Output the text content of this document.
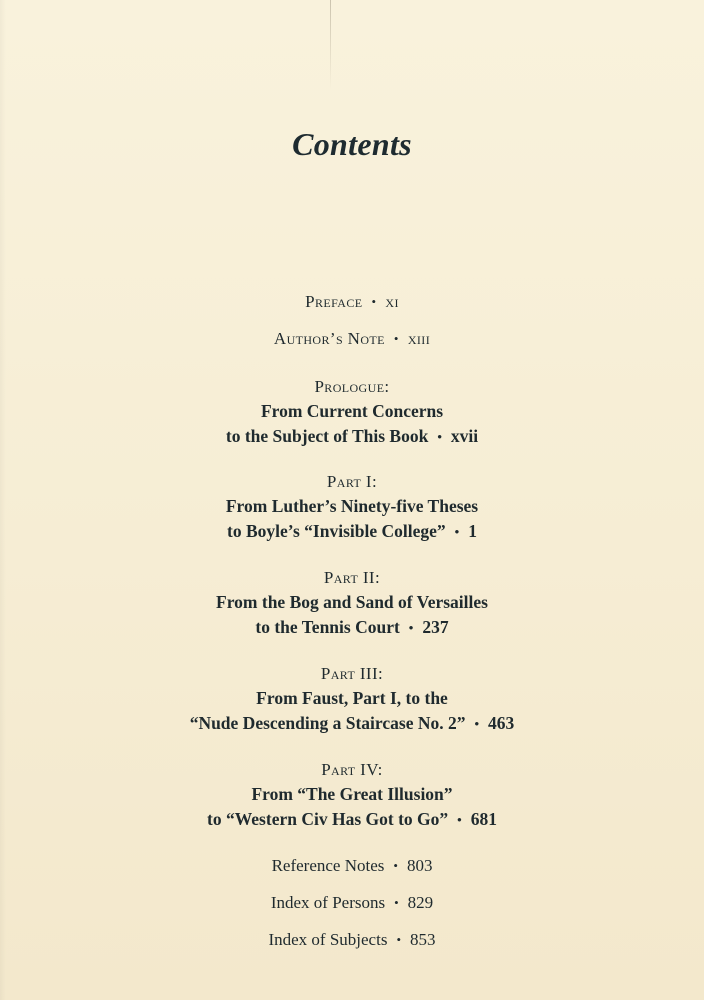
Contents
Preface • xi
Author’s Note • xiii
Prologue:
From Current Concerns
to the Subject of This Book • xvii
Part I:
From Luther’s Ninety-five Theses
to Boyle’s “Invisible College” • 1
Part II:
From the Bog and Sand of Versailles
to the Tennis Court • 237
Part III:
From Faust, Part I, to the
“Nude Descending a Staircase No. 2” • 463
Part IV:
From “The Great Illusion”
to “Western Civ Has Got to Go” • 681
Reference Notes • 803
Index of Persons • 829
Index of Subjects • 853
